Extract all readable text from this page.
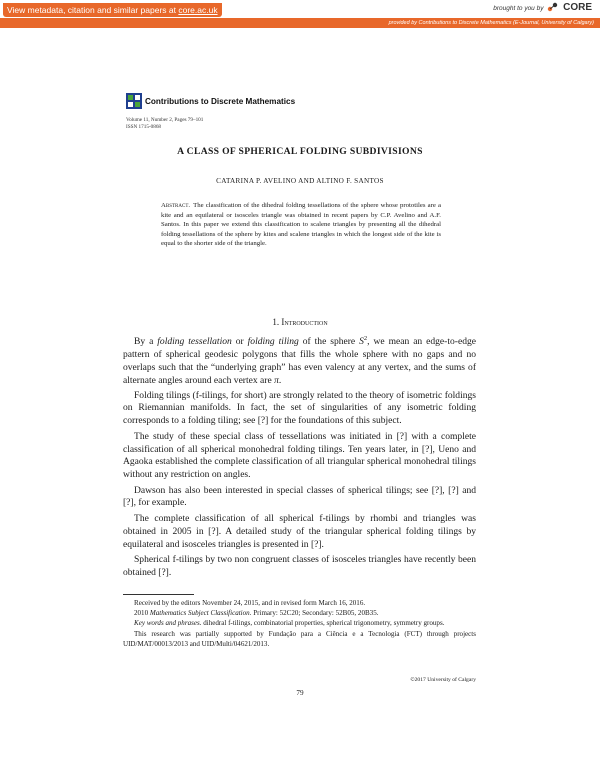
View metadata, citation and similar papers at core.ac.uk	brought to you by CORE
provided by Contributions to Discrete Mathematics (E-Journal, University of Calgary)
Contributions to Discrete Mathematics
Volume 11, Number 2, Pages 79–101
ISSN 1715-0868
A CLASS OF SPHERICAL FOLDING SUBDIVISIONS
CATARINA P. AVELINO AND ALTINO F. SANTOS
Abstract. The classification of the dihedral folding tessellations of the sphere whose prototiles are a kite and an equilateral or isosceles triangle was obtained in recent papers by C.P. Avelino and A.F. Santos. In this paper we extend this classification to scalene triangles by presenting all the dihedral folding tessellations of the sphere by kites and scalene triangles in which the longest side of the kite is equal to the shorter side of the triangle.
1. Introduction

By a folding tessellation or folding tiling of the sphere $S^2$, we mean an edge-to-edge pattern of spherical geodesic polygons that fills the whole sphere with no gaps and no overlaps such that the “underlying graph” has even valency at any vertex, and the sums of alternate angles around each vertex are π.

Folding tilings (f-tilings, for short) are strongly related to the theory of isometric foldings on Riemannian manifolds. In fact, the set of singularities of any isometric folding corresponds to a folding tiling; see [?] for the foundations of this subject.

The study of these special class of tessellations was initiated in [?] with a complete classification of all spherical monohedral folding tilings. Ten years later, in [?], Ueno and Agaoka established the complete classification of all triangular spherical monohedral tilings without any restriction on angles.

Dawson has also been interested in special classes of spherical tilings; see [?], [?] and [?], for example.

The complete classification of all spherical f-tilings by rhombi and triangles was obtained in 2005 in [?]. A detailed study of the triangular spherical folding tilings by equilateral and isosceles triangles is presented in [?].

Spherical f-tilings by two non congruent classes of isosceles triangles have recently been obtained [?].

Received by the editors November 24, 2015, and in revised form March 16, 2016.

2010 Mathematics Subject Classification. Primary: 52C20; Secondary: 52B05, 20B35.

Key words and phrases. dihedral f-tilings, combinatorial properties, spherical trigonometry, symmetry groups.

This research was partially supported by Fundação para a Ciência e a Tecnologia (FCT) through projects UID/MAT/00013/2013 and UID/Multi/04621/2013.

©2017 University of Calgary
79
